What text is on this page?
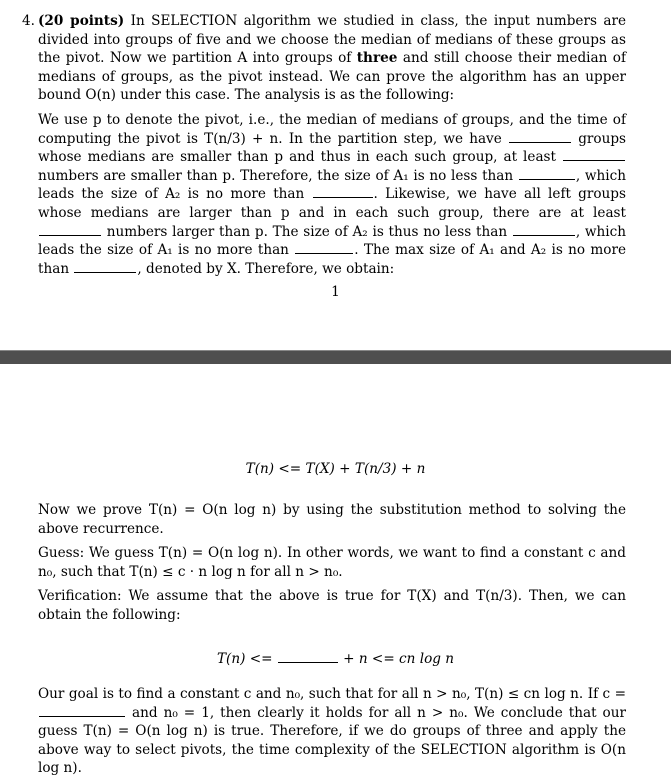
4. (20 points) In SELECTION algorithm we studied in class, the input numbers are divided into groups of five and we choose the median of medians of these groups as the pivot. Now we partition A into groups of three and still choose their median of medians of groups, as the pivot instead. We can prove the algorithm has an upper bound O(n) under this case. The analysis is as the following:

We use p to denote the pivot, i.e., the median of medians of groups, and the time of computing the pivot is T(n/3) + n. In the partition step, we have	groups whose medians are smaller than p and thus in each such group, at least  numbers are smaller than p. Therefore, the size of A₁ is no less than	, which leads the size of A₂ is no more than	. Likewise, we have all left groups whose medians are larger than p and in each such group, there are at least  numbers larger than p. The size of A₂ is thus no less than	, which leads the size of A₁ is no more than	. The max size of A₁ and A₂ is no more than	, denoted by X. Therefore, we obtain:

1
T(n) <= T(X) + T(n/3) + n

Now we prove T(n) = O(n log n) by using the substitution method to solving the above recurrence.

Guess: We guess T(n) = O(n log n). In other words, we want to find a constant c and n₀, such that T(n) ≤ c · n log n for all n > n₀.

Verification: We assume that the above is true for T(X) and T(n/3). Then, we can obtain the following:

T(n) <=	+ n <= cn log n

Our goal is to find a constant c and n₀, such that for all n > n₀, T(n) ≤ cn log n. If c =  and n₀ = 1, then clearly it holds for all n > n₀. We conclude that our guess T(n) = O(n log n) is true. Therefore, if we do groups of three and apply the above way to select pivots, the time complexity of the SELECTION algorithm is O(n log n).
